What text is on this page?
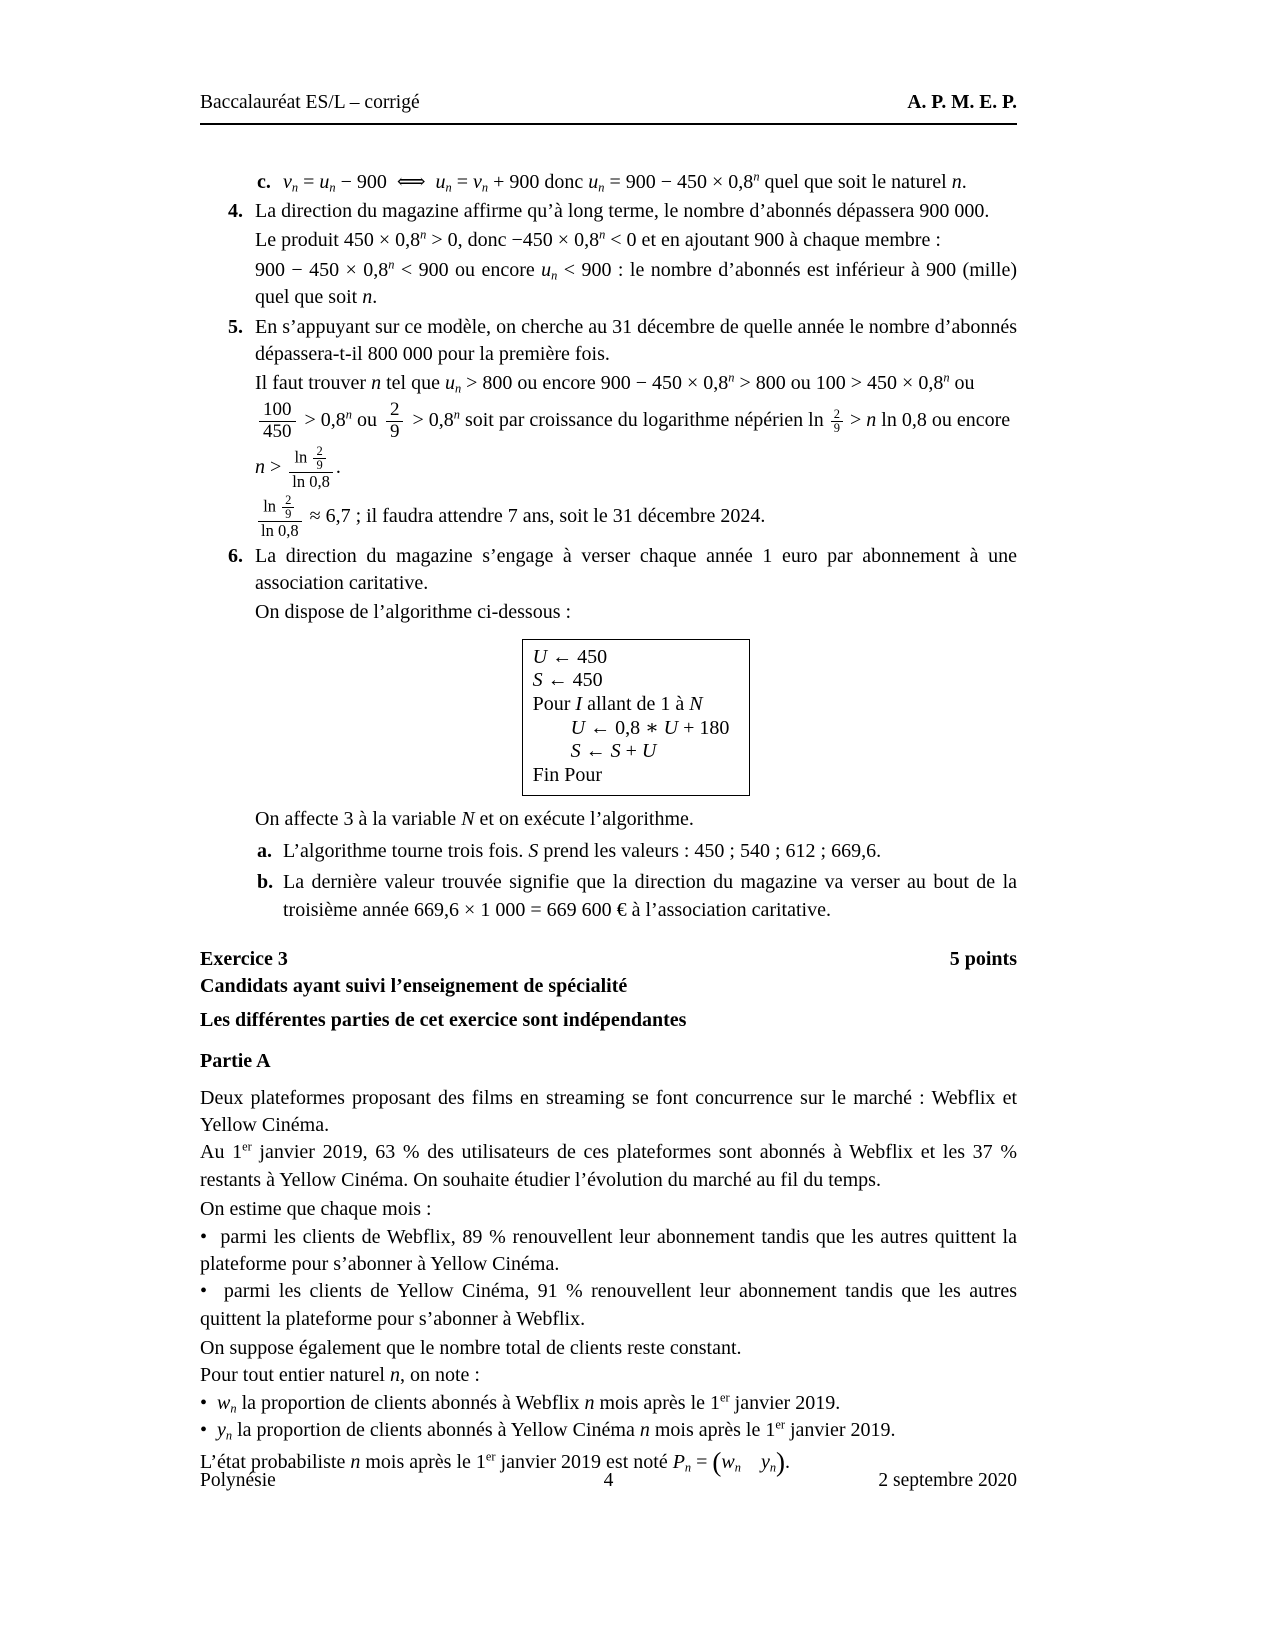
Baccalauréat ES/L – corrigé	A. P. M. E. P.
c. $v_n = u_n - 900$  ⟺  $u_n = v_n + 900$ donc $u_n = 900 - 450 \times 0,8^n$ quel que soit le naturel n.

4. La direction du magazine affirme qu’à long terme, le nombre d’abonnés dépassera 900 000.

Le produit $450 \times 0,8^n > 0$, donc $-450 \times 0,8^n < 0$ et en ajoutant 900 à chaque membre :

$900 - 450 \times 0,8^n < 900$ ou encore $u_n < 900$ : le nombre d’abonnés est inférieur à 900 (mille) quel que soit n.

5. En s’appuyant sur ce modèle, on cherche au 31 décembre de quelle année le nombre d’abonnés dépassera-t-il 800 000 pour la première fois.

Il faut trouver n tel que $u_n > 800$ ou encore $900 - 450 \times 0,8^n > 800$ ou $100 > 450 \times 0,8^n$ ou

$\frac{100}{450} > 0,8^n$ ou $\frac{2}{9} > 0,8^n$ soit par croissance du logarithme népérien $\ln \frac{2}{9} > n$ ln 0,8 ou encore

$n > \frac{\ln \frac{2}{9}}{\ln 0,8}$ .

$\frac{\ln \frac{2}{9}}{\ln 0,8} \approx 6,7$ ; il faudra attendre 7 ans, soit le 31 décembre 2024.

6. La direction du magazine s’engage à verser chaque année 1 euro par abonnement à une association caritative.

On dispose de l’algorithme ci-dessous :

U ← 450
S ← 450
Pour I allant de 1 à N
U ← 0,8 ∗ U + 180
S ← S + U
Fin Pour

On affecte 3 à la variable N et on exécute l’algorithme.

a. L’algorithme tourne trois fois. S prend les valeurs : 450 ; 540 ; 612 ; 669,6.

b. La dernière valeur trouvée signifie que la direction du magazine va verser au bout de la troisième année 669,6 × 1 000 = 669 600 € à l’association caritative.

Exercice 3	5 points

Candidats ayant suivi l’enseignement de spécialité

Les différentes parties de cet exercice sont indépendantes

Partie A

Deux plateformes proposant des films en streaming se font concurrence sur le marché : Webflix et Yellow Cinéma.

Au 1er janvier 2019, 63 % des utilisateurs de ces plateformes sont abonnés à Webflix et les 37 % restants à Yellow Cinéma. On souhaite étudier l’évolution du marché au fil du temps.

On estime que chaque mois :

•  parmi les clients de Webflix, 89 % renouvellent leur abonnement tandis que les autres quittent la plateforme pour s’abonner à Yellow Cinéma.

•  parmi les clients de Yellow Cinéma, 91 % renouvellent leur abonnement tandis que les autres quittent la plateforme pour s’abonner à Webflix.

On suppose également que le nombre total de clients reste constant.

Pour tout entier naturel n, on note :

•  $w_n$ la proportion de clients abonnés à Webflix n mois après le 1er janvier 2019.

•  $y_n$ la proportion de clients abonnés à Yellow Cinéma n mois après le 1er janvier 2019.

L’état probabiliste n mois après le 1er janvier 2019 est noté $P_n = (w_n$  $y_n$).

Polynésie	4	2 septembre 2020
